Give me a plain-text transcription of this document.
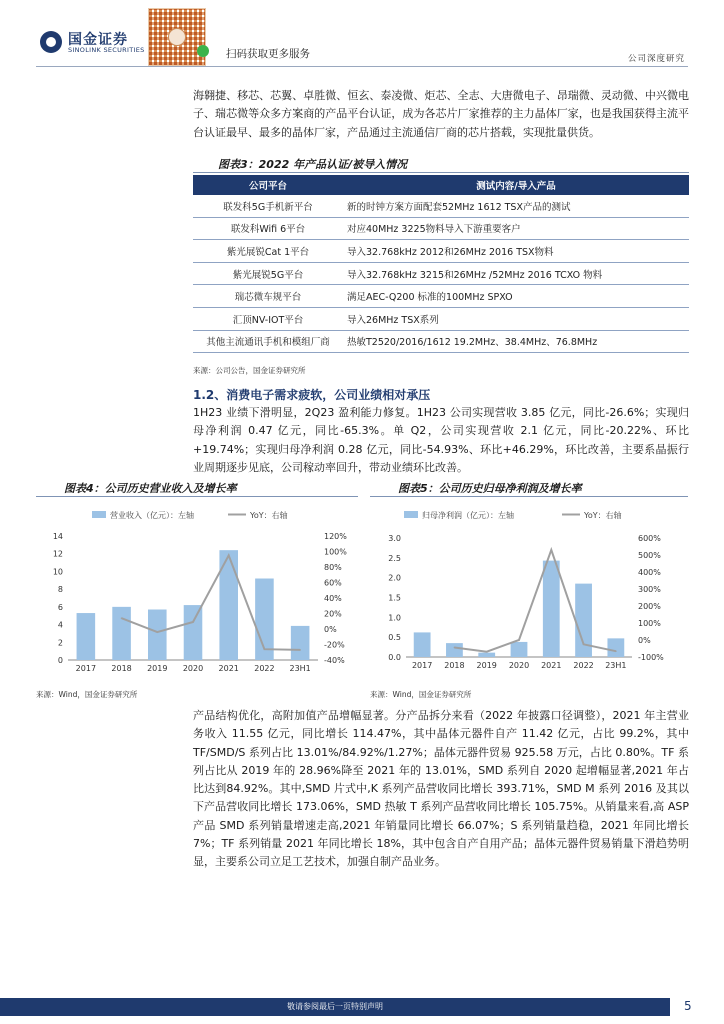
国金证券
SINOLINK SECURITIES	扫码获取更多服务	公司深度研究
海翱捷、移芯、芯翼、卓胜微、恒玄、泰凌微、炬芯、全志、大唐微电子、昂瑞微、灵动微、中兴微电子、瑞芯微等众多方案商的产品平台认证，成为各芯片厂家推荐的主力晶体厂家，也是我国获得主流平台认证最早、最多的晶体厂家，产品通过主流通信厂商的芯片搭载，实现批量供货。
图表3：2022 年产品认证/被导入情况
公司平台	测试内容/导入产品
联发科5G手机新平台	新的时钟方案方面配套52MHz 1612 TSX产品的测试
联发科Wifi 6平台	对应40MHz 3225物料导入下游重要客户
紫光展锐Cat 1平台	导入32.768kHz 2012和26MHz 2016 TSX物料
紫光展锐5G平台	导入32.768kHz 3215和26MHz /52MHz 2016 TCXO 物料
瑞芯微车规平台	满足AEC-Q200 标准的100MHz SPXO
汇顶NV-IOT平台	导入26MHz TSX系列
其他主流通讯手机和模组厂商	热敏T2520/2016/1612 19.2MHz、38.4MHz、76.8MHz
来源：公司公告，国金证券研究所
1.2、消费电子需求疲软，公司业绩相对承压
1H23 业绩下滑明显，2Q23 盈利能力修复。1H23 公司实现营收 3.85 亿元，同比-26.6%；实现归母净利润 0.47 亿元，同比-65.3%。单 Q2，公司实现营收 2.1 亿元，同比-20.22%、环比+19.74%；实现归母净利润 0.28 亿元，同比-54.93%、环比+46.29%，环比改善，主要系晶振行业周期逐步见底，公司稼动率回升，带动业绩环比改善。
图表4：公司历史营业收入及增长率	图表5：公司历史归母净利润及增长率
营业收入（亿元）：左轴	YoY：右轴
0
2
4
6
8
10
12
14
-40%
-20%
0%
20%
40%
60%
80%
100%
120%
2017 2018 2019 2020 2021 2022 23H1
归母净利润（亿元）：左轴	YoY：右轴
0.0
0.5
1.0
1.5
2.0
2.5
3.0
-100%
0%
100%
200%
300%
400%
500%
600%
2017 2018 2019 2020 2021 2022 23H1
来源：Wind，国金证券研究所	来源：Wind，国金证券研究所
产品结构优化，高附加值产品增幅显著。分产品拆分来看（2022 年披露口径调整），2021 年主营业务收入 11.55 亿元，同比增长 114.47%，其中晶体元器件自产 11.42 亿元，占比 99.2%，其中 TF/SMD/S 系列占比 13.01%/84.92%/1.27%；晶体元器件贸易 925.58 万元，占比 0.80%。TF 系列占比从 2019 年的 28.96%降至 2021 年的 13.01%，SMD 系列自 2020 起增幅显著,2021 年占比达到84.92%。其中,SMD 片式中,K 系列产品营收同比增长 393.71%，SMD M 系列 2016 及其以下产品营收同比增长 173.06%，SMD 热敏 T 系列产品营收同比增长 105.75%。从销量来看,高 ASP 产品 SMD 系列销量增速走高,2021 年销量同比增长 66.07%；S 系列销量趋稳，2021 年同比增长 7%；TF 系列销量 2021 年同比增长 18%，其中包含自产自用产品；晶体元器件贸易销量下滑趋势明显，主要系公司立足工艺技术，加强自制产品业务。
敬请参阅最后一页特别声明	5
